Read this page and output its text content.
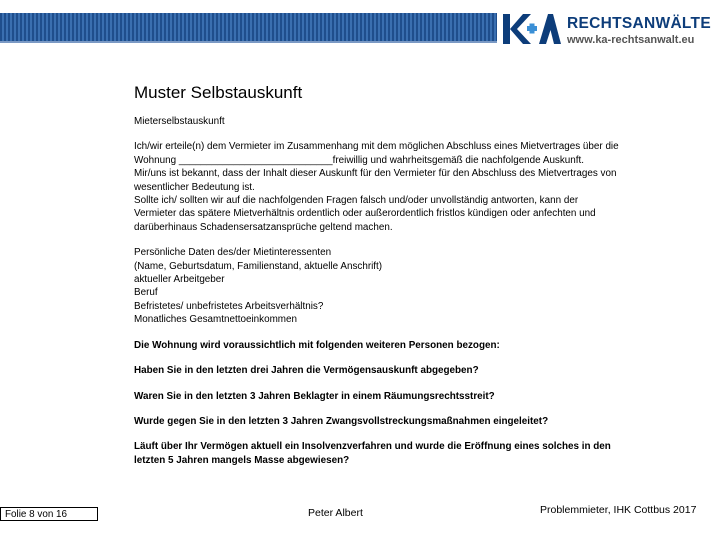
RECHTSANWÄLTE
www.ka-rechtsanwalt.eu
Muster Selbstauskunft

Mieterselbstauskunft

Ich/wir erteile(n) dem Vermieter im Zusammenhang mit dem möglichen Abschluss eines Mietvertrages über die
Wohnung ____________________________freiwillig und wahrheitsgemäß die nachfolgende Auskunft.
Mir/uns ist bekannt, dass der Inhalt dieser Auskunft für den Vermieter für den Abschluss des Mietvertrages von
wesentlicher Bedeutung ist.
Sollte ich/ sollten wir auf die nachfolgenden Fragen falsch und/oder unvollständig antworten, kann der
Vermieter das spätere Mietverhältnis ordentlich oder außerordentlich fristlos kündigen oder anfechten und
darüberhinaus Schadensersatzansprüche geltend machen.

Persönliche Daten des/der Mietinteressenten
(Name, Geburtsdatum, Familienstand, aktuelle Anschrift)
aktueller Arbeitgeber
Beruf
Befristetes/ unbefristetes Arbeitsverhältnis?
Monatliches Gesamtnettoeinkommen

Die Wohnung wird voraussichtlich mit folgenden weiteren Personen bezogen:

Haben Sie in den letzten drei Jahren die Vermögensauskunft abgegeben?

Waren Sie in den letzten 3 Jahren Beklagter in einem Räumungsrechtsstreit?

Wurde gegen Sie in den letzten 3 Jahren Zwangsvollstreckungsmaßnahmen eingeleitet?

Läuft über Ihr Vermögen aktuell ein Insolvenzverfahren und wurde die Eröffnung eines solches in den
letzten 5 Jahren mangels Masse abgewiesen?

Folie 8 von 16	Peter Albert	Problemmieter, IHK Cottbus 2017
